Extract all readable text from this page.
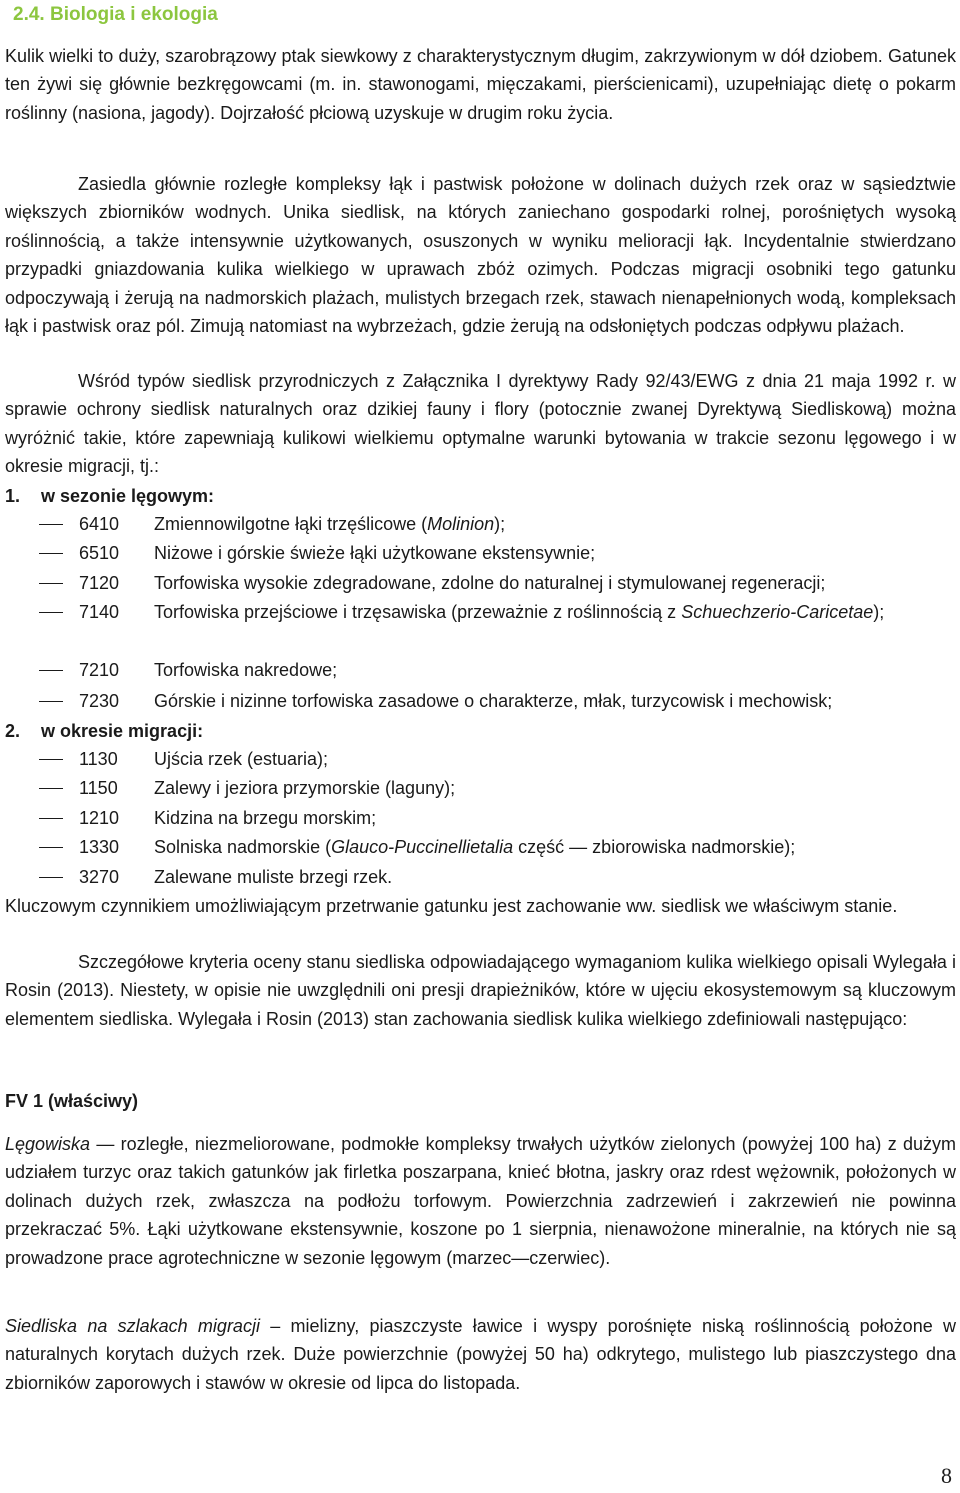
2.4. Biologia i ekologia
Kulik wielki to duży, szarobrązowy ptak siewkowy z charakterystycznym długim, zakrzywionym w dół dziobem. Gatunek ten żywi się głównie bezkręgowcami (m. in. stawonogami, mięczakami, pierścienicami), uzupełniając dietę o pokarm roślinny (nasiona, jagody). Dojrzałość płciową uzyskuje w drugim roku życia.
Zasiedla głównie rozległe kompleksy łąk i pastwisk położone w dolinach dużych rzek oraz w sąsiedztwie większych zbiorników wodnych. Unika siedlisk, na których zaniechano gospodarki rolnej, porośniętych wysoką roślinnością, a także intensywnie użytkowanych, osuszonych w wyniku melioracji łąk. Incydentalnie stwierdzano przypadki gniazdowania kulika wielkiego w uprawach zbóż ozimych. Podczas migracji osobniki tego gatunku odpoczywają i żerują na nadmorskich plażach, mulistych brzegach rzek, stawach nienapełnionych wodą, kompleksach łąk i pastwisk oraz pól. Zimują natomiast na wybrzeżach, gdzie żerują na odsłoniętych podczas odpływu plażach.
Wśród typów siedlisk przyrodniczych z Załącznika I dyrektywy Rady 92/43/EWG z dnia 21 maja 1992 r. w sprawie ochrony siedlisk naturalnych oraz dzikiej fauny i flory (potocznie zwanej Dyrektywą Siedliskową) można wyróżnić takie, które zapewniają kulikowi wielkiemu optymalne warunki bytowania w trakcie sezonu lęgowego i w okresie migracji, tj.:
1. w sezonie lęgowym:
6410 Zmiennowilgotne łąki trzęślicowe (Molinion);
6510 Niżowe i górskie świeże łąki użytkowane ekstensywnie;
7120 Torfowiska wysokie zdegradowane, zdolne do naturalnej i stymulowanej regeneracji;
7140 Torfowiska przejściowe i trzęsawiska (przeważnie z roślinnością z Schuechzerio-Caricetae);
7210 Torfowiska nakredowe;
7230 Górskie i nizinne torfowiska zasadowe o charakterze, młak, turzycowisk i mechowisk;
2. w okresie migracji:
1130 Ujścia rzek (estuaria);
1150 Zalewy i jeziora przymorskie (laguny);
1210 Kidzina na brzegu morskim;
1330 Solniska nadmorskie (Glauco-Puccinellietalia część — zbiorowiska nadmorskie);
3270 Zalewane muliste brzegi rzek.
Kluczowym czynnikiem umożliwiającym przetrwanie gatunku jest zachowanie ww. siedlisk we właściwym stanie.
Szczegółowe kryteria oceny stanu siedliska odpowiadającego wymaganiom kulika wielkiego opisali Wylegała i Rosin (2013). Niestety, w opisie nie uwzględnili oni presji drapieżników, które w ujęciu ekosystemowym są kluczowym elementem siedliska. Wylegała i Rosin (2013) stan zachowania siedlisk kulika wielkiego zdefiniowali następująco:
FV 1 (właściwy)
Lęgowiska — rozległe, niezmeliorowane, podmokłe kompleksy trwałych użytków zielonych (powyżej 100 ha) z dużym udziałem turzyc oraz takich gatunków jak firletka poszarpana, knieć błotna, jaskry oraz rdest wężownik, położonych w dolinach dużych rzek, zwłaszcza na podłożu torfowym. Powierzchnia zadrzewień i zakrzewień nie powinna przekraczać 5%. Łąki użytkowane ekstensywnie, koszone po 1 sierpnia, nienawożone mineralnie, na których nie są prowadzone prace agrotechniczne w sezonie lęgowym (marzec—czerwiec).
Siedliska na szlakach migracji – mielizny, piaszczyste ławice i wyspy porośnięte niską roślinnością położone w naturalnych korytach dużych rzek. Duże powierzchnie (powyżej 50 ha) odkrytego, mulistego lub piaszczystego dna zbiorników zaporowych i stawów w okresie od lipca do listopada.
8
